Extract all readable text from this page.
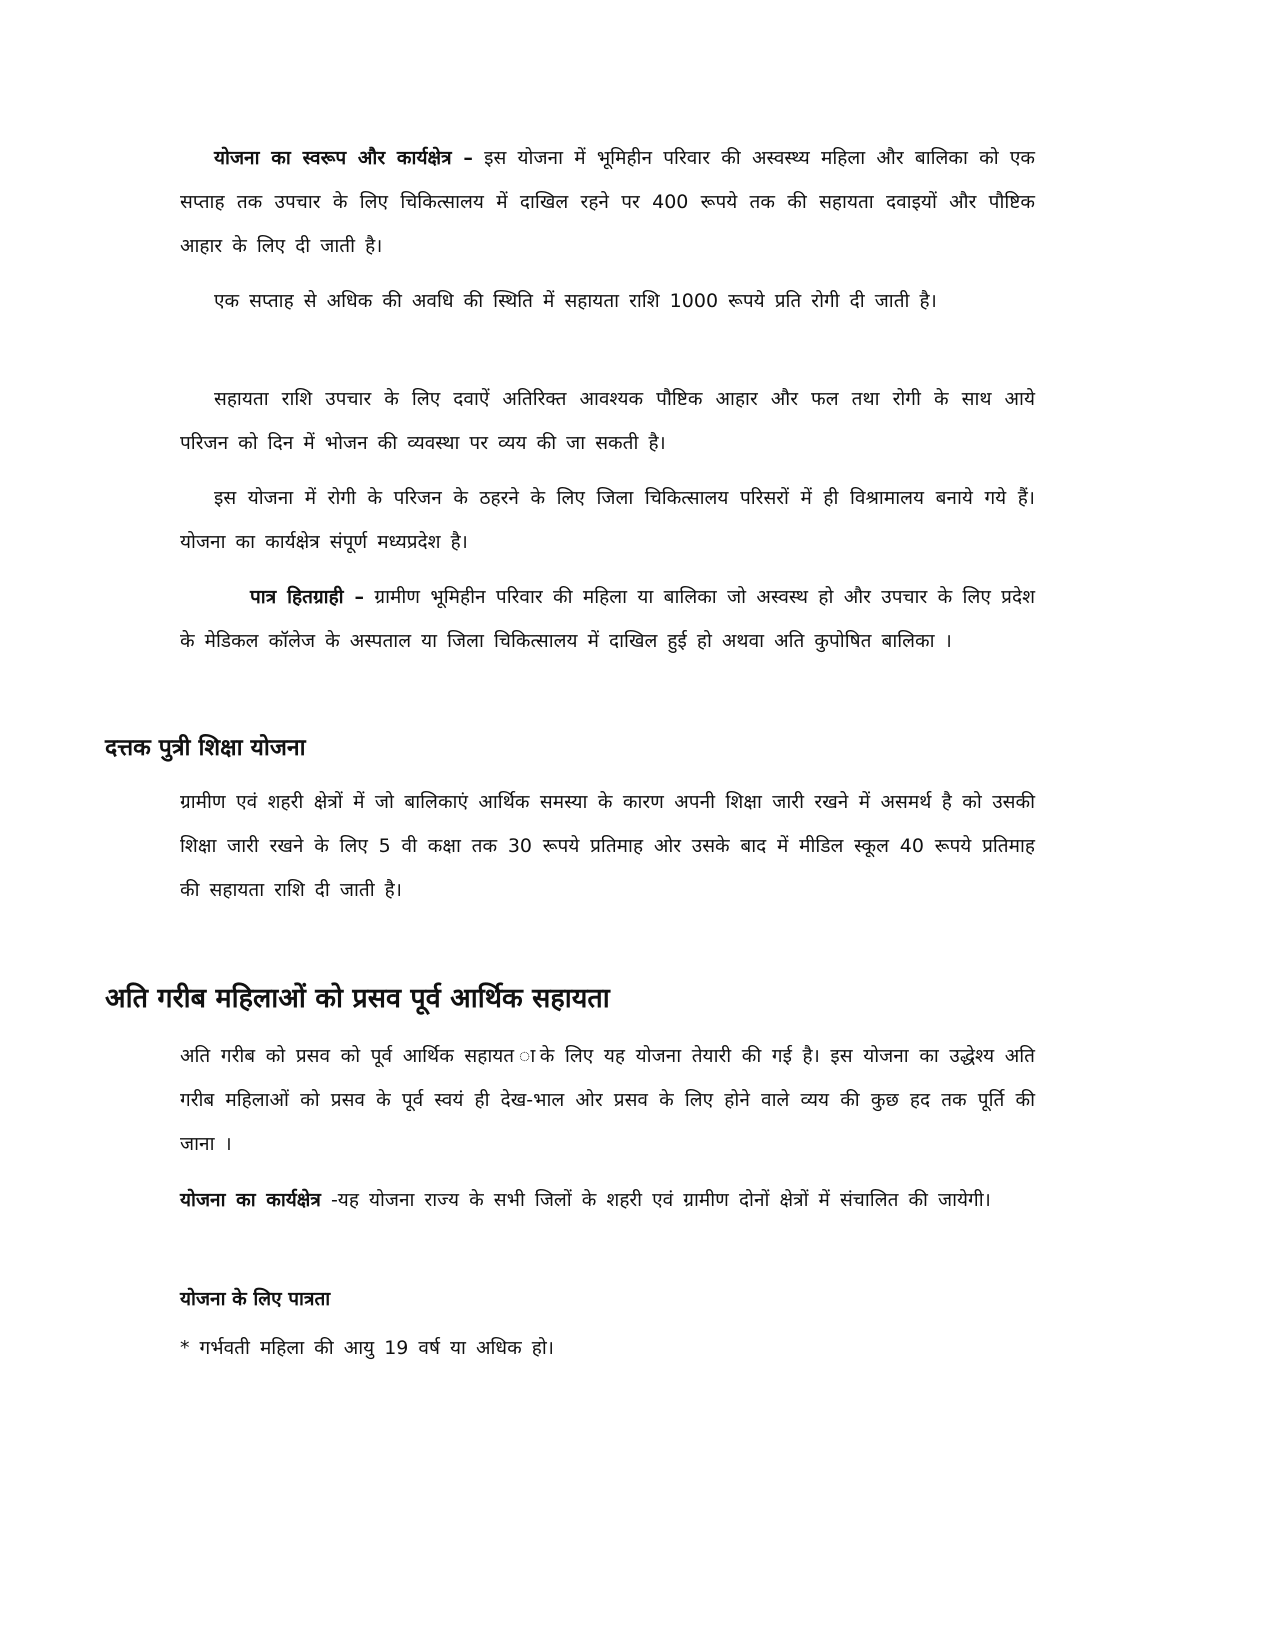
योजना का स्वरूप और कार्यक्षेत्र – इस योजना में भूमिहीन परिवार की अस्वस्थ्य महिला और बालिका को एक सप्ताह तक उपचार के लिए चिकित्सालय में दाखिल रहने पर 400 रूपये तक की सहायता दवाइयों और पौष्टिक आहार के लिए दी जाती है।

एक सप्ताह से अधिक की अवधि की स्थिति में सहायता राशि 1000 रूपये प्रति रोगी दी जाती है।

सहायता राशि उपचार के लिए दवाऐं अतिरिक्त आवश्यक पौष्टिक आहार और फल तथा रोगी के साथ आये परिजन को दिन में भोजन की व्यवस्था पर व्यय की जा सकती है।

इस योजना में रोगी के परिजन के ठहरने के लिए जिला चिकित्सालय परिसरों में ही विश्रामालय बनाये गये हैं। योजना का कार्यक्षेत्र संपूर्ण मध्यप्रदेश है।

पात्र हितग्राही – ग्रामीण भूमिहीन परिवार की महिला या बालिका जो अस्वस्थ हो और उपचार के लिए प्रदेश के मेडिकल कॉलेज के अस्पताल या जिला चिकित्सालय में दाखिल हुई हो अथवा अति कुपोषित बालिका ।

दत्तक पुत्री शिक्षा योजना

ग्रामीण एवं शहरी क्षेत्रों में जो बालिकाएं आर्थिक समस्या के कारण अपनी शिक्षा जारी रखने में असमर्थ है को उसकी शिक्षा जारी रखने के लिए 5 वी कक्षा तक 30 रूपये प्रतिमाह ओर उसके बाद में मीडिल स्कूल 40 रूपये प्रतिमाह की सहायता राशि दी जाती है।

अति गरीब महिलाओं को प्रसव पूर्व आर्थिक सहायता

अति गरीब को प्रसव को पूर्व आर्थिक सहायत ाके लिए यह योजना तेयारी की गई है। इस योजना का उद्धेश्य अति गरीब महिलाओं को प्रसव के पूर्व स्वयं ही देख-भाल ओर प्रसव के लिए होने वाले व्यय की कुछ हद तक पूर्ति की जाना ।

योजना का कार्यक्षेत्र -यह योजना राज्य के सभी जिलों के शहरी एवं ग्रामीण दोनों क्षेत्रों में संचालित की जायेगी।

योजना के लिए पात्रता

* गर्भवती महिला की आयु 19 वर्ष या अधिक हो।
